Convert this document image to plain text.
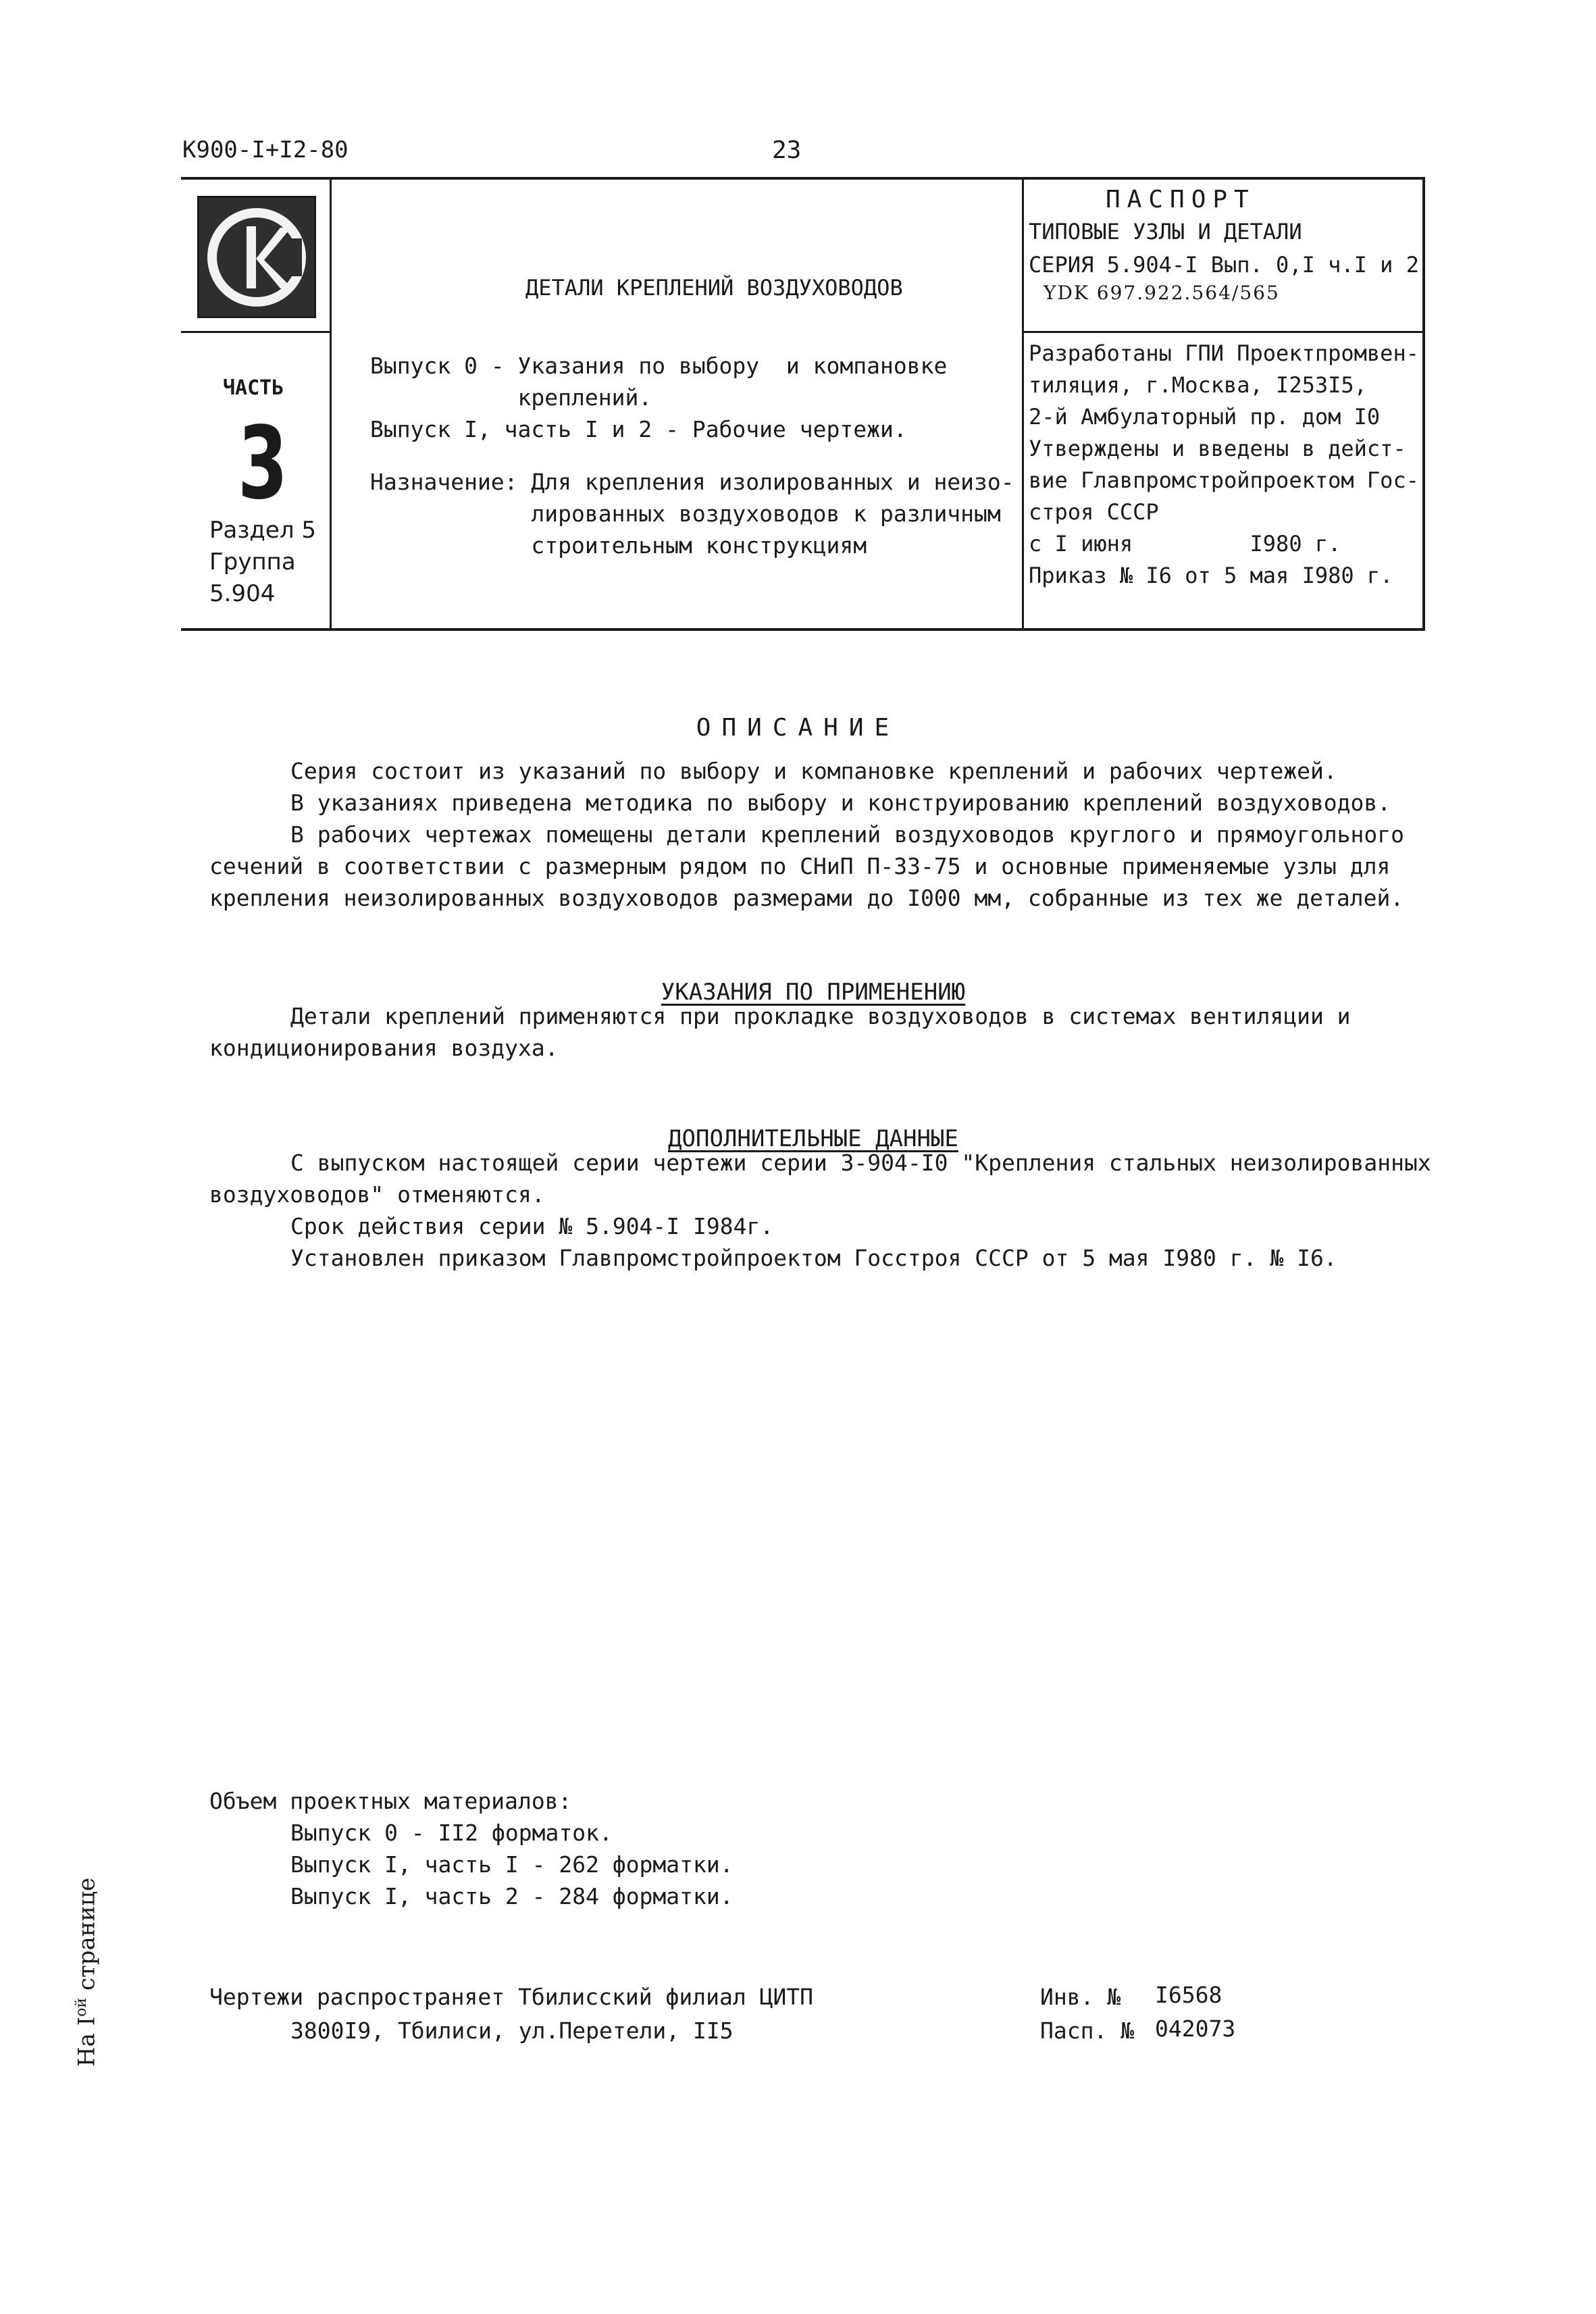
К900-I+I2-80	23
ЧАСТЬ
3
Раздел 5
Группа
5.904
ДЕТАЛИ КРЕПЛЕНИЙ ВОЗДУХОВОДОВ
Выпуск 0 - Указания по выбору  и компановке
креплений.
Выпуск I, часть I и 2 - Рабочие чертежи.
Назначение: Для крепления изолированных и неизо-
лированных воздуховодов к различным
строительным конструкциям
ПАСПОРТ
ТИПОВЫЕ УЗЛЫ И ДЕТАЛИ
СЕРИЯ 5.904-I Вып. 0,I ч.I и 2
YDK 697.922.564/565
Разработаны ГПИ Проектпромвен-
тиляция, г.Москва, I253I5,
2-й Амбулаторный пр. дом I0
Утверждены и введены в дейст-
вие Главпромстройпроектом Гос-
строя СССР
с I июня         I980 г.
Приказ № I6 от 5 мая I980 г.
ОПИСАНИЕ
Серия состоит из указаний по выбору и компановке креплений и рабочих чертежей.
В указаниях приведена методика по выбору и конструированию креплений воздуховодов.
В рабочих чертежах помещены детали креплений воздуховодов круглого и прямоугольного
сечений в соответствии с размерным рядом по СНиП П-33-75 и основные применяемые узлы для
крепления неизолированных воздуховодов размерами до I000 мм, собранные из тех же деталей.

УКАЗАНИЯ ПО ПРИМЕНЕНИЮ

Детали креплений применяются при прокладке воздуховодов в системах вентиляции и
кондиционирования воздуха.

ДОПОЛНИТЕЛЬНЫЕ ДАННЫЕ

С выпуском настоящей серии чертежи серии 3-904-I0 "Крепления стальных неизолированных
воздуховодов" отменяются.
Срок действия серии № 5.904-I I984г.
Установлен приказом Главпромстройпроектом Госстроя СССР от 5 мая I980 г. № I6.
Объем проектных материалов:
Выпуск 0 - II2 форматок.
Выпуск I, часть I - 262 форматки.
Выпуск I, часть 2 - 284 форматки.
Чертежи распространяет Тбилисский филиал ЦИТП
3800I9, Тбилиси, ул.Перетели, II5
Инв. № I6568
Пасп. № 042073
На $I^{ой}$ странице
